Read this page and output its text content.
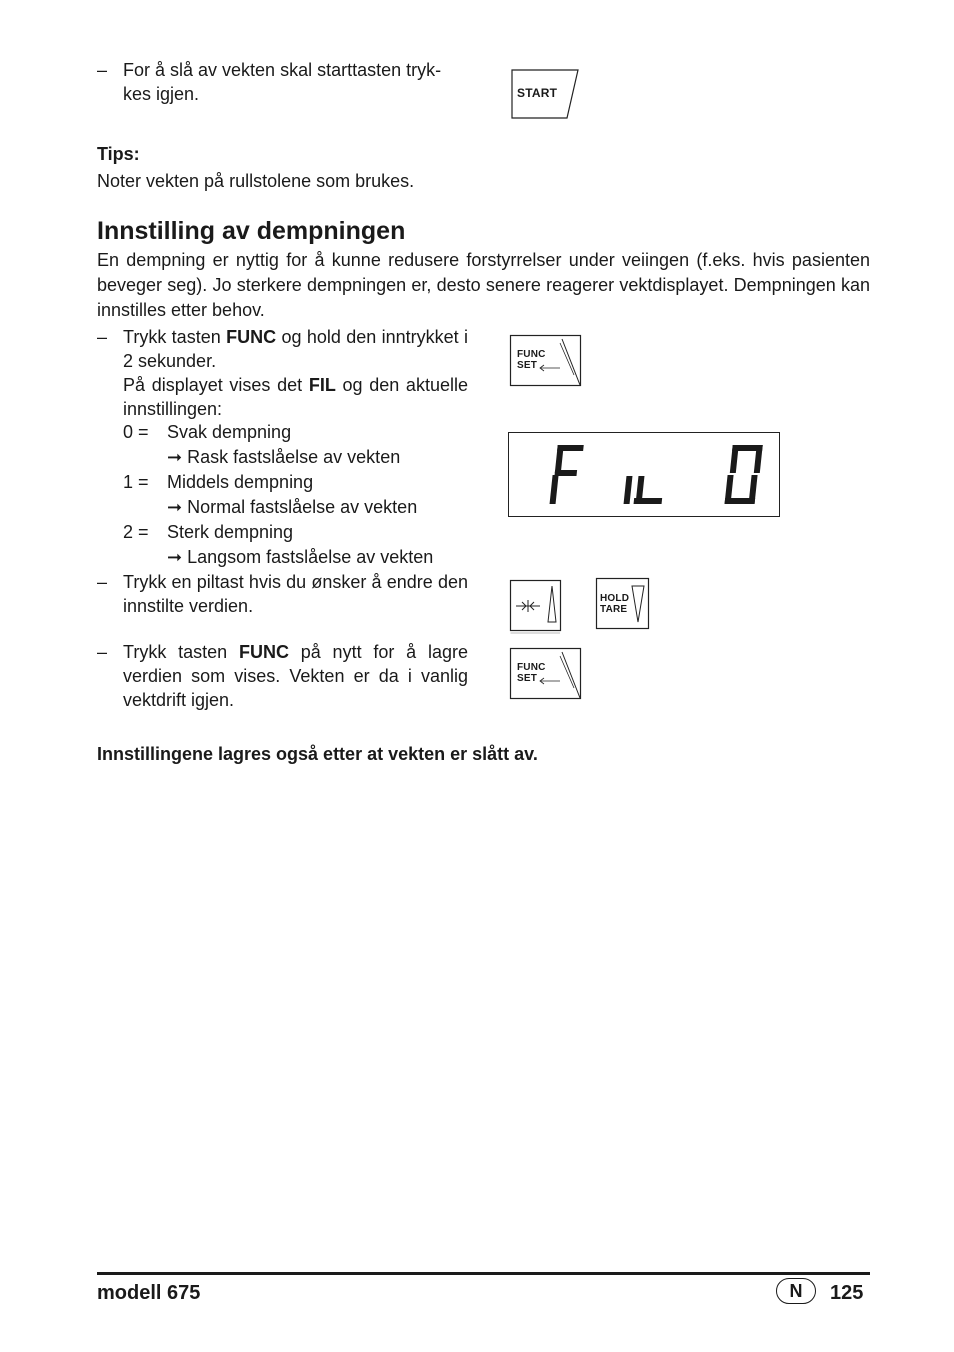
– For å slå av vekten skal starttasten tryk-
kes igjen.	START
Tips:
Noter vekten på rullstolene som brukes.
Innstilling av dempningen
En dempning er nyttig for å kunne redusere forstyrrelser under veiingen (f.eks. hvis pasienten beveger seg). Jo sterkere dempningen er, desto senere reagerer vektdisplayet. Dempningen kan innstilles etter behov.
– Trykk tasten FUNC og hold den inntrykket i 2 sekunder.
På displayet vises det FIL og den aktuelle innstillingen:
0 = Svak dempning
➞ Rask fastslåelse av vekten
1 = Middels dempning
➞ Normal fastslåelse av vekten
2 = Sterk dempning
➞ Langsom fastslåelse av vekten
– Trykk en piltast hvis du ønsker å endre den innstilte verdien.
– Trykk tasten FUNC på nytt for å lagre verdien som vises. Vekten er da i vanlig vektdrift igjen.
FUNC
SET
HOLD
TARE
FUNC
SET
Innstillingene lagres også etter at vekten er slått av.
modell 675	N	125
